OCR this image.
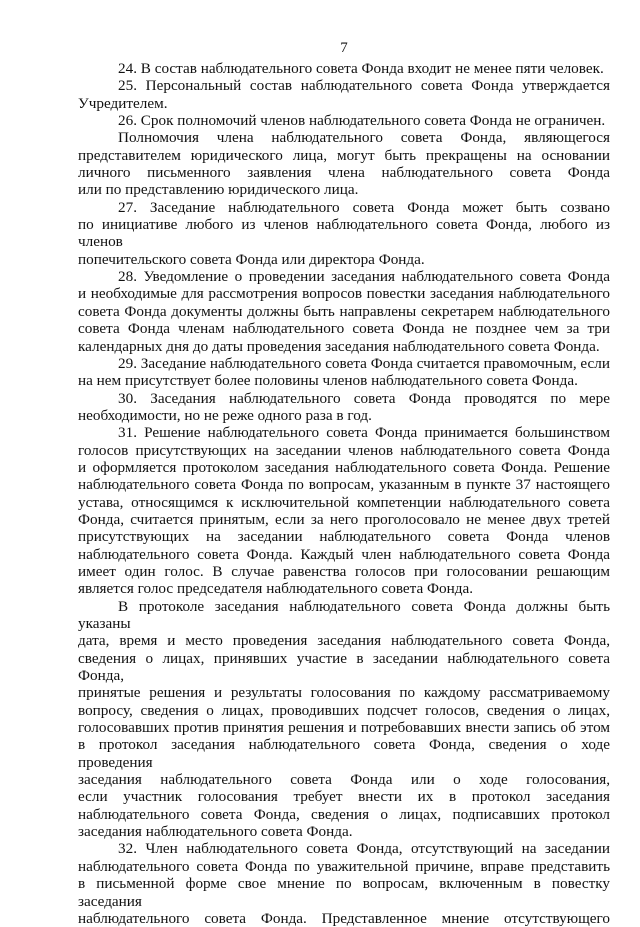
7
24. В состав наблюдательного совета Фонда входит не менее пяти человек.
25. Персональный состав наблюдательного совета Фонда утверждается
Учредителем.
26. Срок полномочий членов наблюдательного совета Фонда не ограничен.
Полномочия члена наблюдательного совета Фонда, являющегося
представителем юридического лица, могут быть прекращены на основании
личного письменного заявления члена наблюдательного совета Фонда
или по представлению юридического лица.
27. Заседание наблюдательного совета Фонда может быть созвано
по инициативе любого из членов наблюдательного совета Фонда, любого из членов
попечительского совета Фонда или директора Фонда.
28. Уведомление о проведении заседания наблюдательного совета Фонда
и необходимые для рассмотрения вопросов повестки заседания наблюдательного
совета Фонда документы должны быть направлены секретарем наблюдательного
совета Фонда членам наблюдательного совета Фонда не позднее чем за три
календарных дня до даты проведения заседания наблюдательного совета Фонда.
29. Заседание наблюдательного совета Фонда считается правомочным, если
на нем присутствует более половины членов наблюдательного совета Фонда.
30. Заседания наблюдательного совета Фонда проводятся по мере
необходимости, но не реже одного раза в год.
31. Решение наблюдательного совета Фонда принимается большинством
голосов присутствующих на заседании членов наблюдательного совета Фонда
и оформляется протоколом заседания наблюдательного совета Фонда. Решение
наблюдательного совета Фонда по вопросам, указанным в пункте 37 настоящего
устава, относящимся к исключительной компетенции наблюдательного совета
Фонда, считается принятым, если за него проголосовало не менее двух третей
присутствующих на заседании наблюдательного совета Фонда членов
наблюдательного совета Фонда. Каждый член наблюдательного совета Фонда
имеет один голос. В случае равенства голосов при голосовании решающим
является голос председателя наблюдательного совета Фонда.
В протоколе заседания наблюдательного совета Фонда должны быть указаны
дата, время и место проведения заседания наблюдательного совета Фонда,
сведения о лицах, принявших участие в заседании наблюдательного совета Фонда,
принятые решения и результаты голосования по каждому рассматриваемому
вопросу, сведения о лицах, проводивших подсчет голосов, сведения о лицах,
голосовавших против принятия решения и потребовавших внести запись об этом
в протокол заседания наблюдательного совета Фонда, сведения о ходе проведения
заседания наблюдательного совета Фонда или о ходе голосования,
если участник голосования требует внести их в протокол заседания
наблюдательного совета Фонда, сведения о лицах, подписавших протокол
заседания наблюдательного совета Фонда.
32. Член наблюдательного совета Фонда, отсутствующий на заседании
наблюдательного совета Фонда по уважительной причине, вправе представить
в письменной форме свое мнение по вопросам, включенным в повестку заседания
наблюдательного совета Фонда. Представленное мнение отсутствующего
